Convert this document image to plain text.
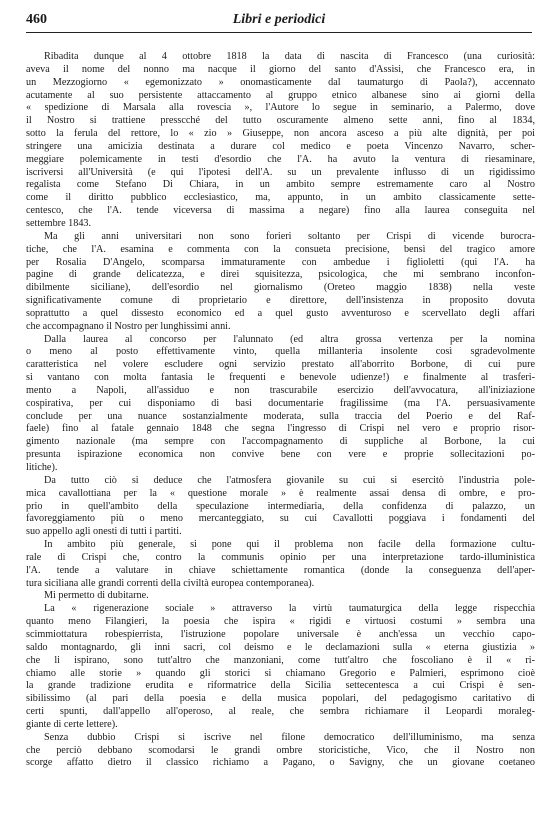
460	Libri e periodici
Ribadita dunque al 4 ottobre 1818 la data di nascita di Francesco (una curiosità:
aveva il nome del nonno ma nacque il giorno del santo d'Assisi, che Francesco era, in
un Mezzogiorno « egemonizzato » onomasticamente dal taumaturgo di Paola?), accennato
acutamente al suo persistente attaccamento al gruppo etnico albanese sino ai giorni della
« spedizione di Marsala alla rovescia », l'Autore lo segue in seminario, a Palermo, dove
il Nostro si trattiene presscché del tutto oscuramente almeno sette anni, fino al 1834,
sotto la ferula del rettore, lo « zio » Giuseppe, non ancora asceso a più alte dignità, per poi
stringere una amicizia destinata a durare col medico e poeta Vincenzo Navarro, scher-
meggiare polemicamente in testi d'esordio che l'A. ha avuto la ventura di riesaminare,
iscriversi all'Università (e qui l'ipotesi dell'A. su un prevalente influsso di un rigidissimo
regalista come Stefano Di Chiara, in un ambito sempre estremamente caro al Nostro
come il diritto pubblico ecclesiastico, ma, appunto, in un ambito classicamente sette-
centesco, che l'A. tende viceversa di massima a negare) fino alla laurea conseguita nel
settembre 1843.
Ma gli anni universitari non sono forieri soltanto per Crispi di vicende burocra-
tiche, che l'A. esamina e commenta con la consueta precisione, bensì del tragico amore
per Rosalia D'Angelo, scomparsa immaturamente con ambedue i figlioletti (qui l'A. ha
pagine di grande delicatezza, e direi squisitezza, psicologica, che mi sembrano inconfon-
dibilmente siciliane), dell'esordio nel giornalismo (Oreteo maggio 1838) nella veste
significativamente comune di proprietario e direttore, dell'insistenza in proposito dovuta
soprattutto a quel dissesto economico ed a quel gusto avventuroso e scervellato degli affari
che accompagnano il Nostro per lunghissimi anni.
Dalla laurea al concorso per l'alunnato (ed altra grossa vertenza per la nomina
o meno al posto effettivamente vinto, quella millanteria insolente così sgradevolmente
caratteristica nel volere escludere ogni servizio prestato all'aborrito Borbone, di cui pure
si vantano con molta fantasia le frequenti e benevole udienze!) e finalmente al trasferi-
mento a Napoli, all'assiduo e non trascurabile esercizio dell'avvocatura, all'iniziazione
cospirativa, per cui disponiamo di basi documentarie fragilissime (ma l'A. persuasivamente
conclude per una nuance sostanzialmente moderata, sulla traccia del Poerio e del Raf-
faele) fino al fatale gennaio 1848 che segna l'ingresso di Crispi nel vero e proprio risor-
gimento nazionale (ma sempre con l'accompagnamento di suppliche al Borbone, la cui
presunta ispirazione economica non convive bene con vere e proprie sollecitazioni po-
litiche).
Da tutto ciò si deduce che l'atmosfera giovanile su cui si esercitò l'industria pole-
mica cavallottiana per la « questione morale » è realmente assai densa di ombre, e pro-
prio in quell'ambito della speculazione intermediaria, della confidenza di palazzo, un
favoreggiamento più o meno mercanteggiato, su cui Cavallotti poggiava i fondamenti del
suo appello agli onesti di tutti i partiti.
In ambito più generale, si pone qui il problema non facile della formazione cultu-
rale di Crispi che, contro la communis opinio per una interpretazione tardo-illuministica
l'A. tende a valutare in chiave schiettamente romantica (donde la conseguenza dell'aper-
tura siciliana alle grandi correnti della civiltà europea contemporanea).
Mi permetto di dubitarne.
La « rigenerazione sociale » attraverso la virtù taumaturgica della legge rispecchia
quanto meno Filangieri, la poesia che ispira « rigidi e virtuosi costumi » sembra una
scimmiottatura robespierrista, l'istruzione popolare universale è anch'essa un vecchio capo-
saldo montagnardo, gli inni sacri, col deismo e le declamazioni sulla « eterna giustizia »
che li ispirano, sono tutt'altro che manzoniani, come tutt'altro che foscoliano è il « ri-
chiamo alle storie » quando gli storici si chiamano Gregorio e Palmieri, esprimono cioè
la grande tradizione erudita e riformatrice della Sicilia settecentesca a cui Crispi è sen-
sibilissimo (al pari della poesia e della musica popolari, del pedagogismo caritativo di
certi spunti, dall'appello all'operoso, al reale, che sembra richiamare il Leopardi moraleg-
giante di certe lettere).
Senza dubbio Crispi si iscrive nel filone democratico dell'illuminismo, ma senza
che perciò debbano scomodarsi le grandi ombre storicistiche, Vico, che il Nostro non
scorge affatto dietro il classico richiamo a Pagano, o Savigny, che un giovane coetaneo
